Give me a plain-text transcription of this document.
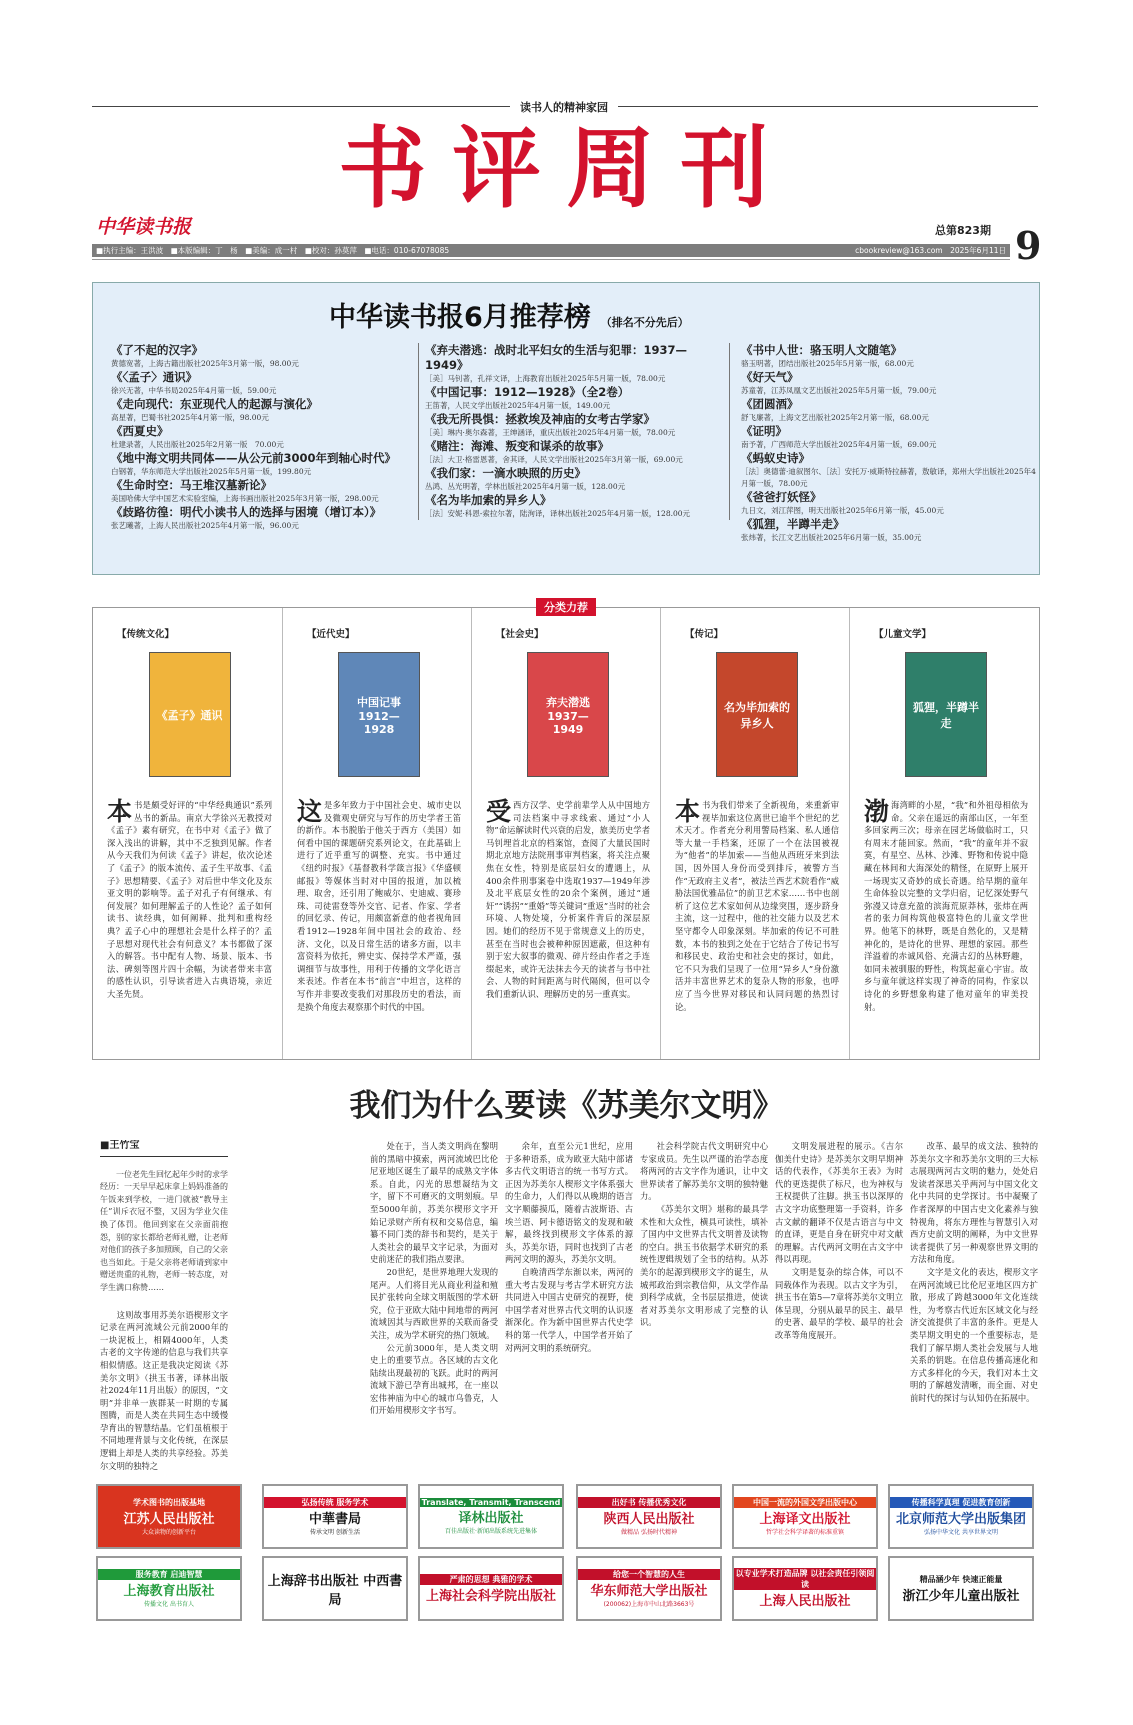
读书人的精神家园
书评周刊
中华读书报	总第823期 9
■执行主编：王洪波　■本版编辑：丁　杨　■美编：成一村　■校对：孙莫萍　■电话：010-67078085	cbookreview@163.com　2025年6月11日
中华读书报6月推荐榜 （排名不分先后）
《了不起的汉字》
黄德宽著，上海古籍出版社2025年3月第一版，98.00元
《〈孟子〉通识》
徐兴无著，中华书局2025年4月第一版，59.00元
《走向现代：东亚现代人的起源与演化》
高星著，巴蜀书社2025年4月第一版，98.00元
《西夏史》
杜建录著，人民出版社2025年2月第一版　70.00元
《地中海文明共同体——从公元前3000年到轴心时代》
白钢著，华东师范大学出版社2025年5月第一版，199.80元
《生命时空：马王堆汉墓新论》
美国哈佛大学中国艺术实验室编，上海书画出版社2025年3月第一版，298.00元
《歧路彷徨：明代小读书人的选择与困境（增订本）》
张艺曦著，上海人民出版社2025年4月第一版，96.00元
《弃夫潜逃：战时北平妇女的生活与犯罪：1937—1949》
［美］马钊著，孔祥文译，上海教育出版社2025年5月第一版，78.00元
《中国记事：1912—1928》（全2卷）
王笛著，人民文学出版社2025年4月第一版，149.00元
《我无所畏惧：拯救埃及神庙的女考古学家》
［美］琳内·奥尔森著，王绅涵译，重庆出版社2025年4月第一版，78.00元
《赌注：海滩、叛变和谋杀的故事》
［法］大卫·格雷恩著，舍其译，人民文学出版社2025年3月第一版，69.00元
《我们家：一滴水映照的历史》
丛鸿、丛光明著，学林出版社2025年4月第一版，128.00元
《名为毕加索的异乡人》
［法］安妮·科恩-索拉尔著，陆洵译，译林出版社2025年4月第一版，128.00元
《书中人世：骆玉明人文随笔》
骆玉明著，团结出版社2025年5月第一版，68.00元
《好天气》
苏童著，江苏凤凰文艺出版社2025年5月第一版，79.00元
《团圆酒》
舒飞廉著，上海文艺出版社2025年2月第一版，68.00元
《证明》
南予著，广西师范大学出版社2025年4月第一版，69.00元
《蚂蚁史诗》
［法］奥德蕾·迪叙图尔、［法］安托万·威斯特拉赫著，敖敏译，郑州大学出版社2025年4月第一版，78.00元
《爸爸打妖怪》
九日文，刘江萍图，明天出版社2025年6月第一版，45.00元
《狐狸，半蹲半走》
张炜著，长江文艺出版社2025年6月第一版，35.00元
分类力荐
【传统文化】
《孟子》通识
本书是颇受好评的“中华经典通识”系列丛书的新品。南京大学徐兴无教授对《孟子》素有研究，在书中对《孟子》做了深入浅出的讲解，其中不乏独到见解。作者从今天我们为何读《孟子》讲起，依次论述了《孟子》的版本流传、孟子生平故事、《孟子》思想精要、《孟子》对后世中华文化及东亚文明的影响等。孟子对孔子有何继承、有何发展？如何理解孟子的人性论？孟子如何读书、读经典，如何阐释、批判和重构经典？孟子心中的理想社会是什么样子的？孟子思想对现代社会有何意义？本书都做了深入的解答。书中配有人物、场景、版本、书法、碑刻等图片四十余幅，为读者带来丰富的感性认识，引导读者进入古典语境，亲近大圣先贤。
【近代史】
中国记事 1912—1928
这是多年致力于中国社会史、城市史以及微观史研究与写作的历史学者王笛的新作。本书脱胎于他关于西方（美国）如何看中国的课题研究系列论文，在此基础上进行了近乎重写的调整、充实。书中通过《纽约时报》《基督教科学箴言报》《华盛顿邮报》等媒体当时对中国的报道，加以梳理、取舍，还引用了鲍威尔、史迪威、赛珍珠、司徒雷登等外交官、记者、作家、学者的回忆录、传记，用颇富新意的他者视角回看1912—1928年间中国社会的政治、经济、文化，以及日常生活的诸多方面，以丰富资料为依托，辨史实、保持学术严谨，强调细节与故事性，用利于传播的文学化语言来表述。作者在本书“前言”中坦言，这样的写作并非要改变我们对那段历史的看法，而是换个角度去观察那个时代的中国。
【社会史】
弃夫潜逃 1937—1949
受西方汉学、史学前辈学人从中国地方司法档案中寻求线索、通过“小人物”命运解读时代兴衰的启发，旅美历史学者马钊埋首北京的档案馆，查阅了大量民国时期北京地方法院刑事审判档案，将关注点聚焦在女性，特别是底层妇女的遭遇上，从400余件刑事案卷中选取1937—1949年涉及北平底层女性的20余个案例，通过“通奸”“诱拐”“重婚”等关键词“重返”当时的社会环境、人物处境，分析案件背后的深层原因。她们的经历不见于常规意义上的历史，甚至在当时也会被种种原因遮蔽，但这种有别于宏大叙事的微观、碎片经由作者之手连缀起来，或许无法抹去今天的读者与书中社会、人物的时间距离与时代隔阂，但可以令我们重新认识、理解历史的另一重真实。
【传记】
名为毕加索的异乡人
本书为我们带来了全新视角，来重新审视毕加索这位离世已逾半个世纪的艺术天才。作者充分利用警局档案、私人通信等大量一手档案，还原了一个在法国被视为“他者”的毕加索——当他从西班牙来到法国，因外国人身份而受到排斥，被警方当作“无政府主义者”，被法兰西艺术院看作“威胁法国优雅品位”的前卫艺术家……书中也剖析了这位艺术家如何从边缘突围，逐步跻身主流，这一过程中，他的社交能力以及艺术坚守都令人印象深刻。毕加索的传记不可胜数，本书的独到之处在于它结合了传记书写和移民史、政治史和社会史的探讨，如此，它不只为我们呈现了一位用“异乡人”身份激活并丰富世界艺术的复杂人物的形象，也呼应了当今世界对移民和认同问题的热烈讨论。
【儿童文学】
狐狸，半蹲半走
渤海湾畔的小屋，“我”和外祖母相依为命。父亲在遥远的南部山区，一年至多回家两三次；母亲在园艺场做临时工，只有周末才能回家。然而，“我”的童年并不寂寞，有星空、丛林、沙滩、野物和传说中隐藏在林间和大海深处的精怪，在原野上展开一场现实又奇妙的成长奇遇。给早期的童年生命体验以完整的文学归宿，记忆深处野气弥漫又诗意充盈的滨海荒原莽林，张炜在两者的张力间构筑他极富特色的儿童文学世界。他笔下的林野，既是自然化的，又是精神化的，是诗化的世界、理想的家园。那些洋溢着的赤诚风俗、充满古幻的丛林野趣，如同未被驯服的野性，构筑起童心宇宙。故乡与童年就这样实现了神奇的同构，作家以诗化的乡野想象构建了他对童年的审美投射。
我们为什么要读《苏美尔文明》
■王竹宝

一位老先生回忆起年少时的求学经历：一天早早起床拿上妈妈准备的午饭来到学校，一进门就被“教导主任”训斥衣冠不整，又因为学业欠佳换了体罚。他回到家在父亲面前抱怨，别的家长都给老师礼赠，让老师对他们的孩子多加照顾，自己的父亲也当如此。于是父亲将老师请到家中赠送贵重的礼物，老师一转态度，对学生满口称赞……

这则故事用苏美尔语楔形文字记录在两河流域公元前2000年的一块泥板上，相隔4000年，人类古老的文字传递的信息与我们共享相似情感。这正是我决定阅读《苏美尔文明》（拱玉书著，译林出版社2024年11月出版）的原因，“文明”并非单一族群某一时期的专属图腾，而是人类在共同生态中缓慢孕育出的智慧结晶。它们虽植根于不同地理背景与文化传统，在深层逻辑上却是人类的共享经验。苏美尔文明的独特之

处在于，当人类文明尚在黎明前的黑暗中摸索，两河流域巴比伦尼亚地区诞生了最早的成熟文字体系。自此，闪光的思想凝结为文字，留下不可磨灭的文明刻痕。早至5000年前，苏美尔楔形文字开始记录财产所有权和交易信息，编纂不同门类的辞书和契约，是关于人类社会的最早文字记录，为面对史前迷茫的我们指点要津。

20世纪，是世界地理大发现的尾声。人们将目光从商业利益和殖民扩张转向全球文明版图的学术研究，位于亚欧大陆中间地带的两河流域因其与西欧世界的关联而备受关注，成为学术研究的热门领域。

公元前3000年，是人类文明史上的重要节点。各区域的古文化陆续出现最初的飞跃。此时的两河流域下游已孕育出城邦，在一座以宏伟神庙为中心的城市乌鲁克，人们开始用楔形文字书写。

余年，直至公元1世纪，应用于多种语系，成为欧亚大陆中部诸多古代文明语言的统一书写方式。正因为苏美尔人楔形文字体系强大的生命力，人们得以从晚期的语言文字顺藤摸瓜，随着古波斯语、古埃兰语、阿卡德语铭文的发现和破解，最终找到楔形文字体系的源头，苏美尔语，同时也找到了古老两河文明的源头，苏美尔文明。

自晚清西学东渐以来，两河的重大考古发现与考古学术研究方法共同进入中国古史研究的视野，使中国学者对世界古代文明的认识逐渐深化。作为新中国世界古代史学科的第一代学人，中国学者开始了对两河文明的系统研究。

社会科学院古代文明研究中心专家成员。先生以严谨的治学态度将两河的古文字作为通识，让中文世界读者了解苏美尔文明的独特魅力。

《苏美尔文明》堪称的最具学术性和大众性，横具可读性，填补了国内中文世界古代文明普及读物的空白。拱玉书依据学术研究的系统性逻辑规划了全书的结构。从苏美尔的起源到楔形文字的诞生，从城邦政治到宗教信仰，从文学作品到科学成就，全书层层推进，使读者对苏美尔文明形成了完整的认识。

文明发展进程的展示。《吉尔伽美什史诗》是苏美尔文明早期神话的代表作，《苏美尔王表》为时代的更迭提供了标尺，也为神权与王权提供了注脚。拱玉书以深厚的古文字功底整理第一手资料，许多古文献的翻译不仅是古语言与中文的直译，更是自身在研究中对文献的理解。古代两河文明在古文字中得以再现。

文明是复杂的综合体，可以不同载体作为表现。以古文字为引，拱玉书在第5—7章将苏美尔文明立体呈现，分别从最早的民主、最早的史著、最早的学校、最早的社会改革等角度展开。

改革、最早的成文法、独特的苏美尔文字和苏美尔文明的三大标志展现两河古文明的魅力，处处启发读者深思关乎两河与中国文化文化中共同的史学探讨。书中凝聚了作者深厚的中国古史文化素养与独特视角，将东方理性与智慧引入对西方史前文明的阐释，为中文世界读者提供了另一种观察世界文明的方法和角度。

文字是文化的表达，楔形文字在两河流域已比伦尼亚地区四方扩散，形成了跨越3000年文化连续性，为考察古代近东区域文化与经济交流提供了丰富的条件。更是人类早期文明史的一个重要标志，是我们了解早期人类社会发展与人地关系的钥匙。在信息传播高速化和方式多样化的今天，我们对本土文明的了解越发清晰，而全面、对史前时代的探讨与认知仍在拓展中。

学术图书的出版基地
江苏人民出版社
大众读物的创新平台
弘扬传统 服务学术
中華書局
传承文明 创新生活
Translate, Transmit, Transcend
译林出版社
百佳出版社·新闻出版系统先进集体
出好书 传播优秀文化
陕西人民出版社
做精品 弘扬时代精神
中国一流的外国文学出版中心
上海译文出版社
哲学社会科学译著的标准重镇
传播科学真理 促进教育创新
北京师范大学出版集团
弘扬中华文化 共享世界文明
服务教育 启迪智慧
上海教育出版社
传播文化 出书育人
上海辞书出版社 中西書局
严肃的思想 典雅的学术
上海社会科学院出版社
给您一个智慧的人生
华东师范大学出版社
(200062)上海市中山北路3663号
以专业学术打造品牌 以社会责任引领阅读
上海人民出版社
精品涵少年 快速正能量
浙江少年儿童出版社
